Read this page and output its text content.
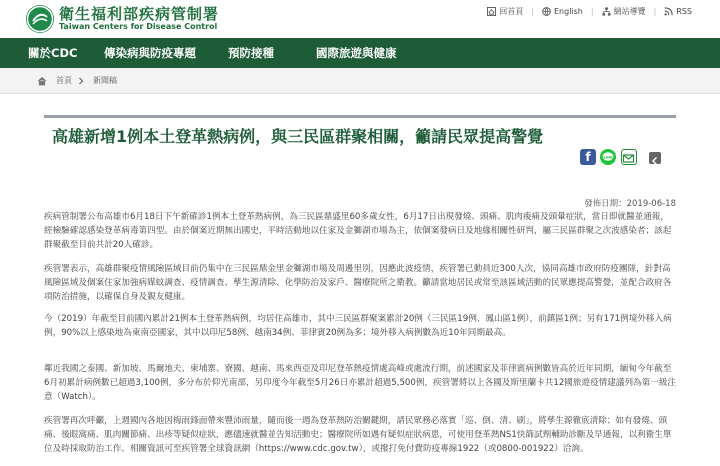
衛生福利部疾病管制署
Taiwan Centers for Disease Control
回首頁 |	English |	網站導覽 |	RSS
關於CDC 傳染病與防疫專題	預防接種	國際旅遊與健康
首頁	新聞稿
高雄新增1例本土登革熱病例，與三民區群聚相關，籲請民眾提高警覺
f	LINE
發佈日期：2019-06-18
疾病管制署公布高雄市6月18日下午新確診1例本土登革熱病例，為三民區鼎盛里60多歲女性，6月17日出現發燒、頭痛、肌肉痠痛及頭暈症狀，當日即就醫並通報，經檢驗確認感染登革病毒第四型。由於個案近期無出國史，平時活動地以住家及金獅湖市場為主，依個案發病日及地緣相關性研判，屬三民區群聚之次波感染者；該起群聚截至目前共計20人確診。
疾管署表示，高雄群聚疫情風險區域目前仍集中在三民區鼎金里金獅湖市場及周邊里別，因應此波疫情，疾管署已動員近300人次，協同高雄市政府防疫團隊，針對高風險區域及個案住家加強病媒蚊調查、疫情調查、孳生源清除、化學防治及家戶、醫療院所之衛教。籲請當地居民或常至該區域活動的民眾應提高警覺，並配合政府各項防治措施，以確保自身及親友健康。
今（2019）年截至目前國內累計21例本土登革熱病例，均居住高雄市，其中三民區群聚案累計20例（三民區19例、鳳山區1例），前鎮區1例；另有171例境外移入病例，90%以上感染地為東南亞國家，其中以印尼58例、越南34例、菲律賓20例為多；境外移入病例數為近10年同期最高。
鄰近我國之泰國、新加坡、馬爾地夫、柬埔寨、寮國、越南、馬來西亞及印尼登革熱疫情處高峰或處流行期，前述國家及菲律賓病例數皆高於近年同期，緬甸今年截至6月初累計病例數已超過3,100例，多分布於仰光南部，另印度今年截至5月26日亦累計超過5,500例，疾管署將以上各國及斯里蘭卡共12國旅遊疫情建議列為第一級注意（Watch）。
疾管署再次呼籲，上週國內各地因梅雨鋒面帶來豐沛雨量，隨而後一週為登革熱防治關鍵期，請民眾務必落實「巡、倒、清、刷」，將孳生源徹底清除；如有發燒、頭痛、後眼窩痛、肌肉關節痛、出疹等疑似症狀，應儘速就醫並告知活動史；醫療院所如遇有疑似症狀病患，可使用登革熱NS1快篩試劑輔助診斷及早通報，以利衛生單位及時採取防治工作。相關資訊可至疾管署全球資訊網（https://www.cdc.gov.tw），或撥打免付費防疫專線1922（或0800-001922）洽詢。
